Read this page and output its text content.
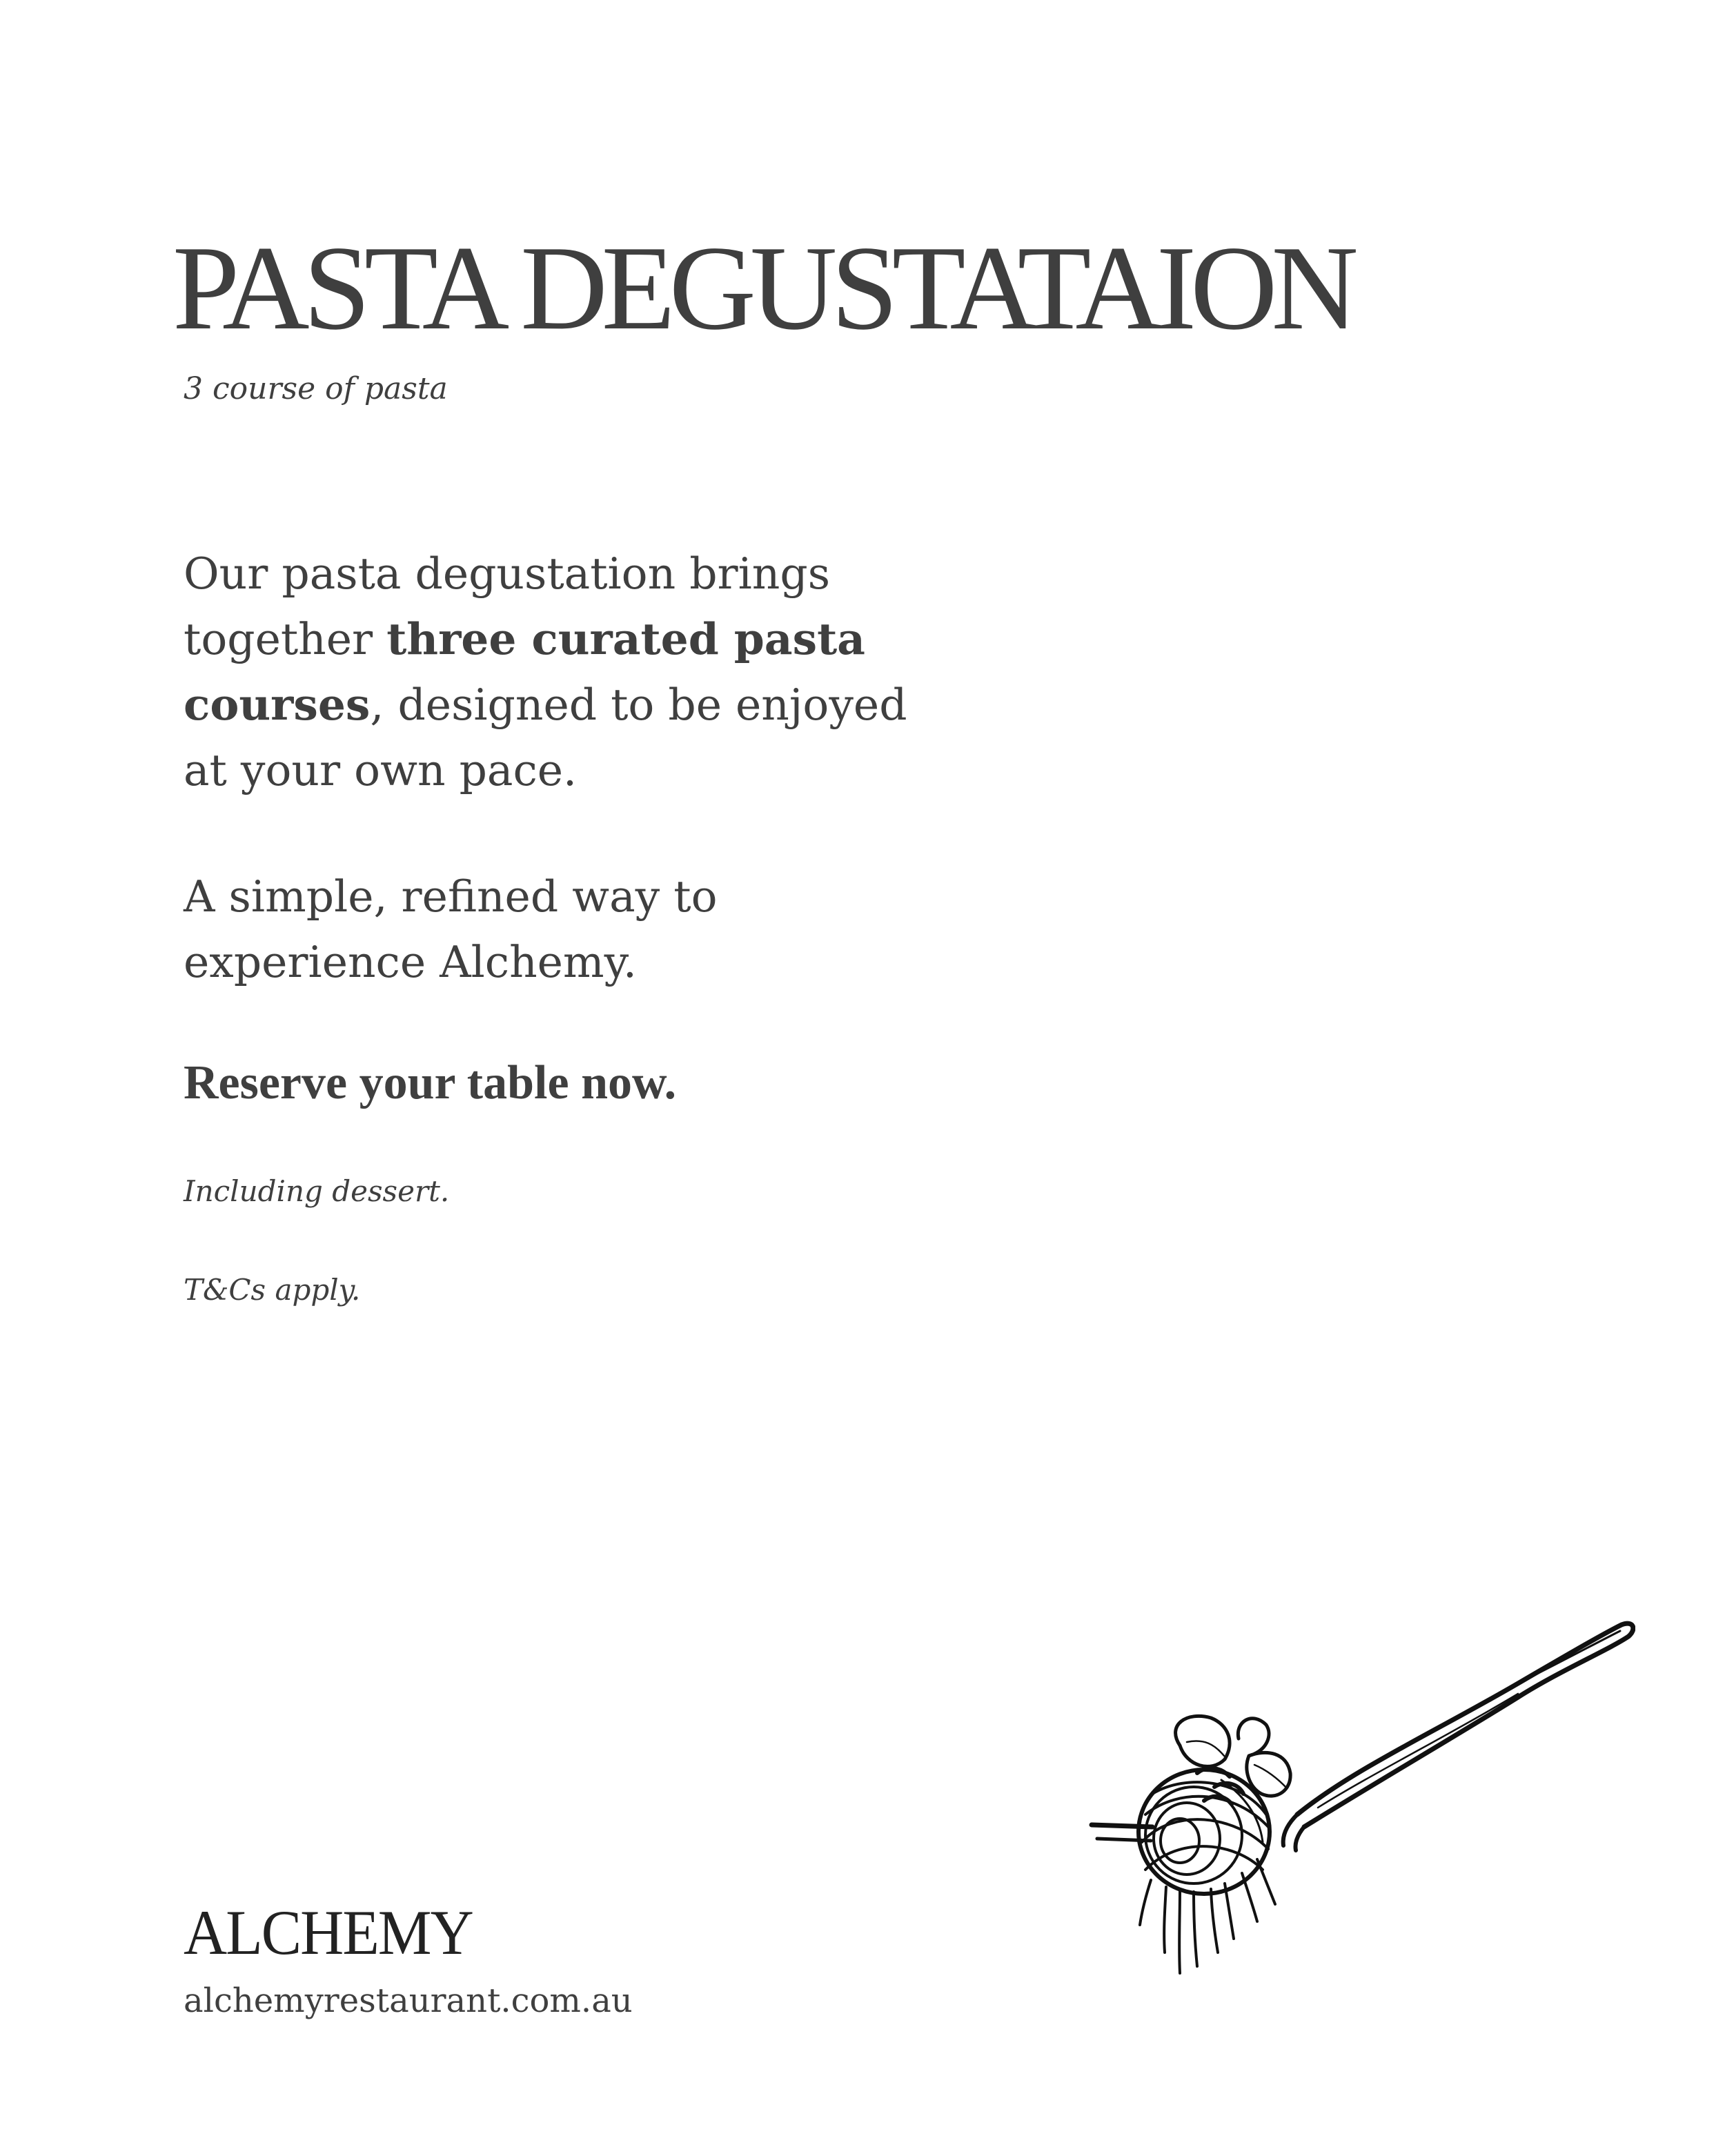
PASTA DEGUSTATAION

3 course of pasta

Our pasta degustation brings together three curated pasta courses, designed to be enjoyed at your own pace.

A simple, refined way to experience Alchemy.

Reserve your table now.

Including dessert.

T&Cs apply.

ALCHEMY

alchemyrestaurant.com.au
